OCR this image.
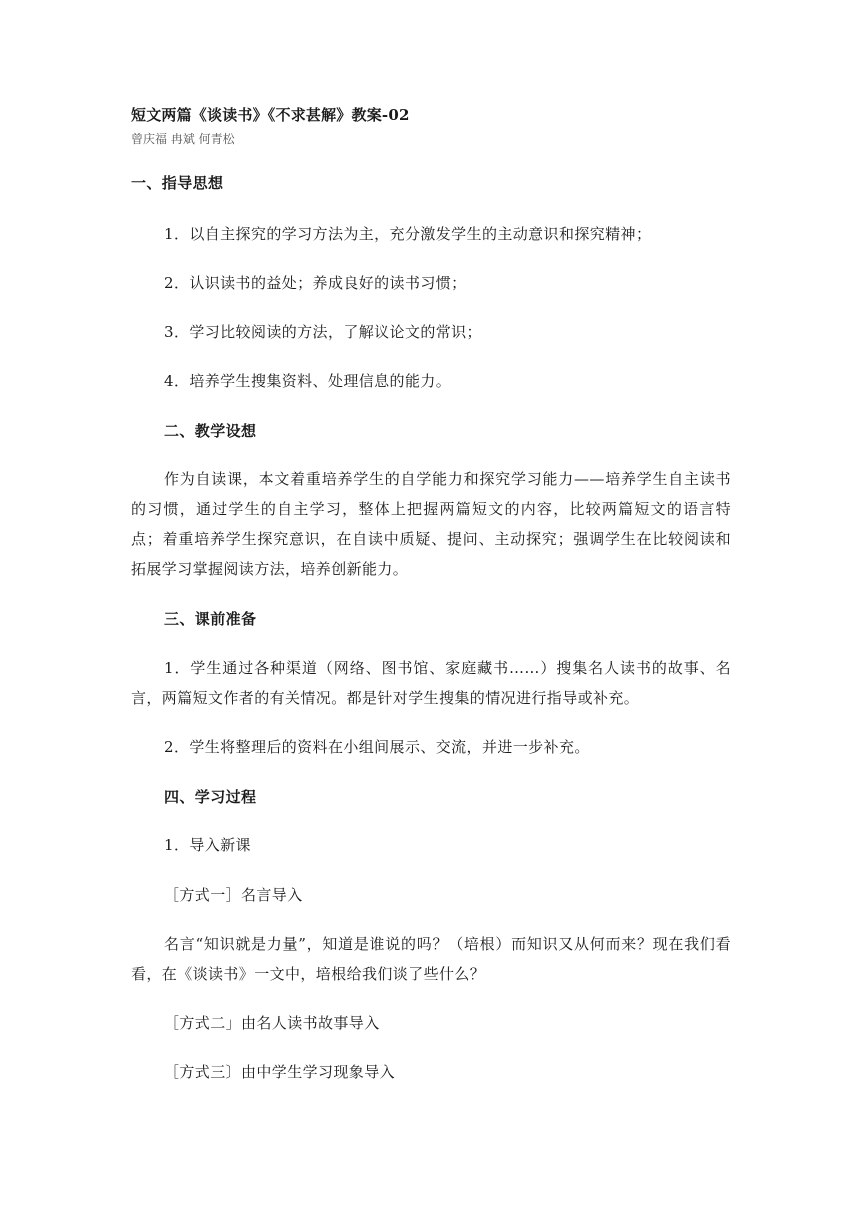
短文两篇《谈读书》《不求甚解》教案-02
曾庆福 冉斌 何青松

一、指导思想

1．以自主探究的学习方法为主，充分激发学生的主动意识和探究精神；

2．认识读书的益处；养成良好的读书习惯；

3．学习比较阅读的方法，了解议论文的常识；

4．培养学生搜集资料、处理信息的能力。

二、教学设想

作为自读课，本文着重培养学生的自学能力和探究学习能力——培养学生自主读书的习惯，通过学生的自主学习，整体上把握两篇短文的内容，比较两篇短文的语言特点；着重培养学生探究意识，在自读中质疑、提问、主动探究；强调学生在比较阅读和拓展学习掌握阅读方法，培养创新能力。

三、课前准备

1．学生通过各种渠道（网络、图书馆、家庭藏书……）搜集名人读书的故事、名言，两篇短文作者的有关情况。都是针对学生搜集的情况进行指导或补充。

2．学生将整理后的资料在小组间展示、交流，并进一步补充。

四、学习过程

1．导入新课

［方式一］名言导入

名言“知识就是力量”，知道是谁说的吗？（培根）而知识又从何而来？现在我们看看，在《谈读书》一文中，培根给我们谈了些什么？

［方式二」由名人读书故事导入

［方式三〕由中学生学习现象导入
